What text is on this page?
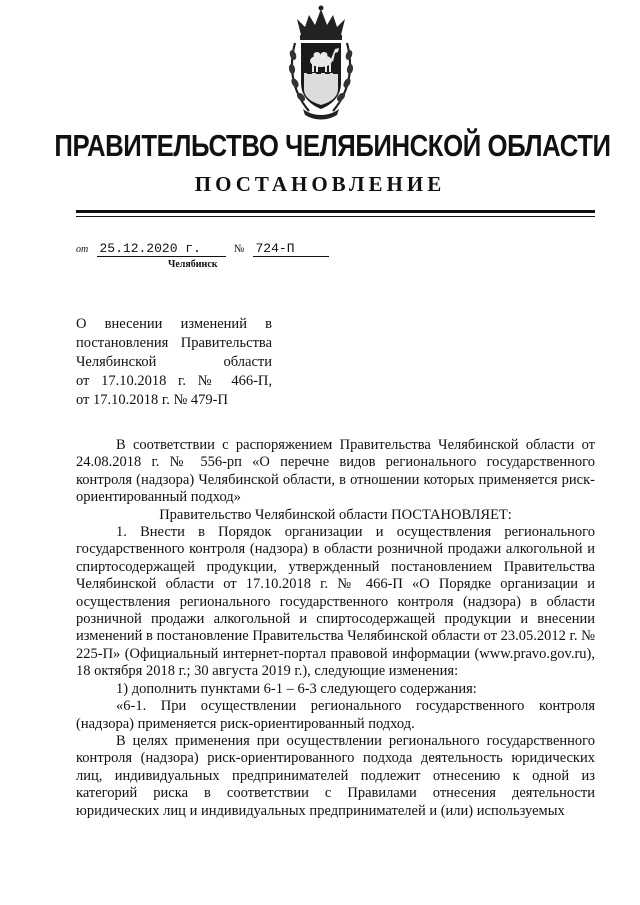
ПРАВИТЕЛЬСТВО ЧЕЛЯБИНСКОЙ ОБЛАСТИ
ПОСТАНОВЛЕНИЕ
от 25.12.2020 г.	№ 724-П
Челябинск
О внесении изменений в
постановления Правительства
Челябинской области
от 17.10.2018 г. № 466-П,
от 17.10.2018 г. № 479-П

В соответствии с распоряжением Правительства Челябинской области от 24.08.2018 г. № 556-рп «О перечне видов регионального государственного контроля (надзора) Челябинской области, в отношении которых применяется риск-ориентированный подход»

Правительство Челябинской области ПОСТАНОВЛЯЕТ:

1. Внести в Порядок организации и осуществления регионального государственного контроля (надзора) в области розничной продажи алкогольной и спиртосодержащей продукции, утвержденный постановлением Правительства Челябинской области от 17.10.2018 г. № 466-П «О Порядке организации и осуществления регионального государственного контроля (надзора) в области розничной продажи алкогольной и спиртосодержащей продукции и внесении изменений в постановление Правительства Челябинской области от 23.05.2012 г. № 225-П» (Официальный интернет-портал правовой информации (www.pravo.gov.ru), 18 октября 2018 г.; 30 августа 2019 г.), следующие изменения:

1) дополнить пунктами 6-1 – 6-3 следующего содержания:

«6-1. При осуществлении регионального государственного контроля (надзора) применяется риск-ориентированный подход.

В целях применения при осуществлении регионального государственного контроля (надзора) риск-ориентированного подхода деятельность юридических лиц, индивидуальных предпринимателей подлежит отнесению к одной из категорий риска в соответствии с Правилами отнесения деятельности юридических лиц и индивидуальных предпринимателей и (или) используемых
